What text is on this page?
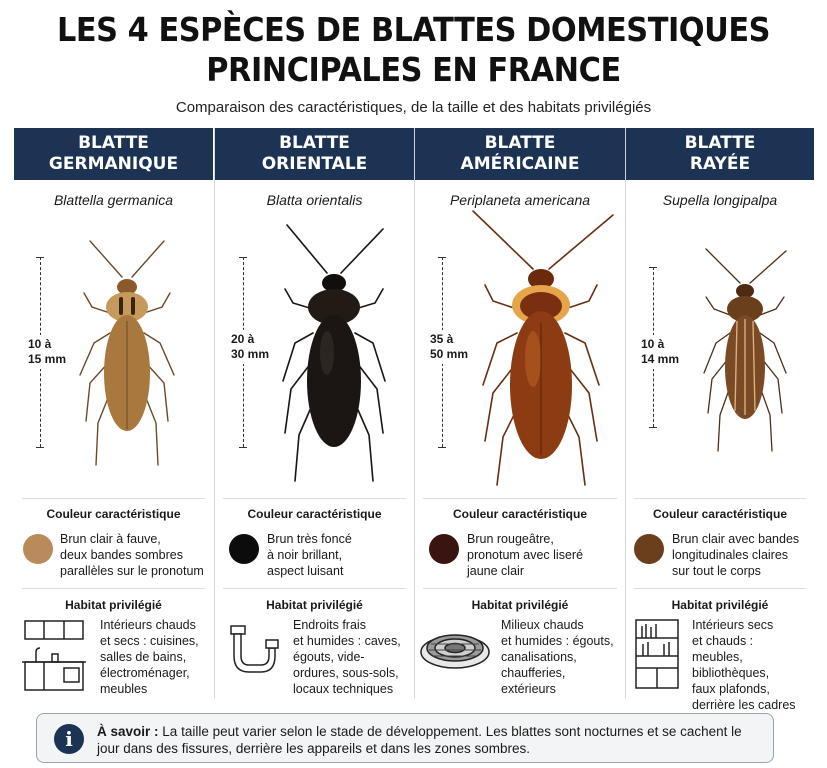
LES 4 ESPÈCES DE BLATTES DOMESTIQUES
PRINCIPALES EN FRANCE
Comparaison des caractéristiques, de la taille et des habitats privilégiés
BLATTE
GERMANIQUE
Blattella germanica
10 à
15 mm
Couleur caractéristique
Brun clair à fauve,
deux bandes sombres
parallèles sur le pronotum
Habitat privilégié
Intérieurs chauds
et secs : cuisines,
salles de bains,
électroménager,
meubles
BLATTE
ORIENTALE
Blatta orientalis
20 à
30 mm
Couleur caractéristique
Brun très foncé
à noir brillant,
aspect luisant
Habitat privilégié
Endroits frais
et humides : caves,
égouts, vide-
ordures, sous-sols,
locaux techniques
BLATTE
AMÉRICAINE
Periplaneta americana
35 à
50 mm
Couleur caractéristique
Brun rougeâtre,
pronotum avec liseré
jaune clair
Habitat privilégié
Milieux chauds
et humides : égouts,
canalisations,
chaufferies,
extérieurs
BLATTE
RAYÉE
Supella longipalpa
10 à
14 mm
Couleur caractéristique
Brun clair avec bandes
longitudinales claires
sur tout le corps
Habitat privilégié
Intérieurs secs
et chauds :
meubles, bibliothèques,
faux plafonds,
derrière les cadres
i	À savoir : La taille peut varier selon le stade de développement. Les blattes sont nocturnes et se cachent le jour dans des fissures, derrière les appareils et dans les zones sombres.
